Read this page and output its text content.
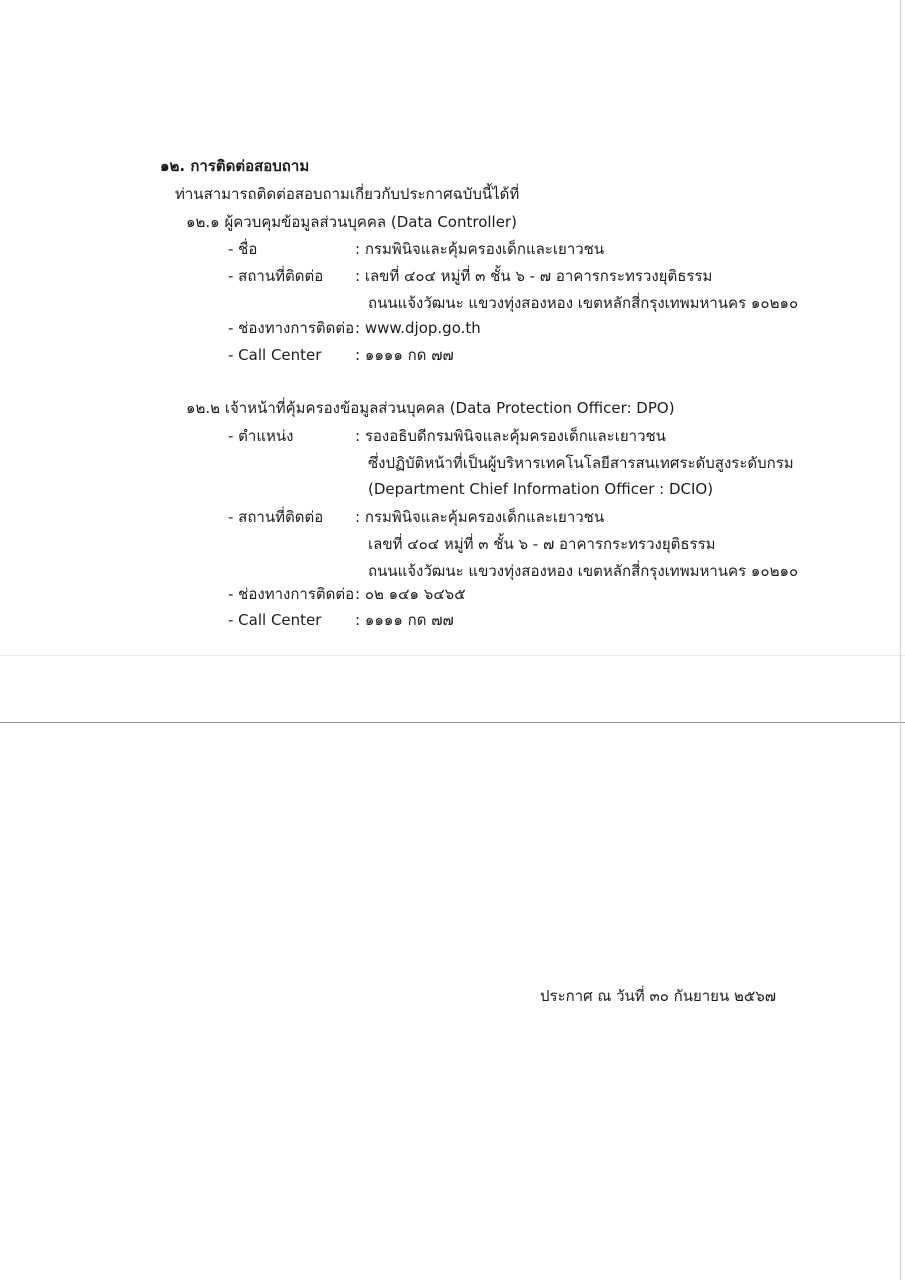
๑๒. การติดต่อสอบถาม
ท่านสามารถติดต่อสอบถามเกี่ยวกับประกาศฉบับนี้ได้ที่
๑๒.๑ ผู้ควบคุมข้อมูลส่วนบุคคล (Data Controller)
- ชื่อ	: กรมพินิจและคุ้มครองเด็กและเยาวชน
- สถานที่ติดต่อ : เลขที่ ๔๐๔ หมู่ที่ ๓ ชั้น ๖ - ๗ อาคารกระทรวงยุติธรรม
ถนนแจ้งวัฒนะ แขวงทุ่งสองหอง เขตหลักสี่กรุงเทพมหานคร ๑๐๒๑๐
- ช่องทางการติดต่อ : www.djop.go.th
- Call Center : ๑๑๑๑ กด ๗๗
๑๒.๒ เจ้าหน้าที่คุ้มครองข้อมูลส่วนบุคคล (Data Protection Officer: DPO)
- ตำแหน่ง	: รองอธิบดีกรมพินิจและคุ้มครองเด็กและเยาวชน
ซึ่งปฏิบัติหน้าที่เป็นผู้บริหารเทคโนโลยีสารสนเทศระดับสูงระดับกรม
(Department Chief Information Officer : DCIO)
- สถานที่ติดต่อ : กรมพินิจและคุ้มครองเด็กและเยาวชน
เลขที่ ๔๐๔ หมู่ที่ ๓ ชั้น ๖ - ๗ อาคารกระทรวงยุติธรรม
ถนนแจ้งวัฒนะ แขวงทุ่งสองหอง เขตหลักสี่กรุงเทพมหานคร ๑๐๒๑๐
- ช่องทางการติดต่อ : ๐๒ ๑๔๑ ๖๔๖๕
- Call Center : ๑๑๑๑ กด ๗๗
ประกาศ ณ วันที่ ๓๐ กันยายน ๒๕๖๗
